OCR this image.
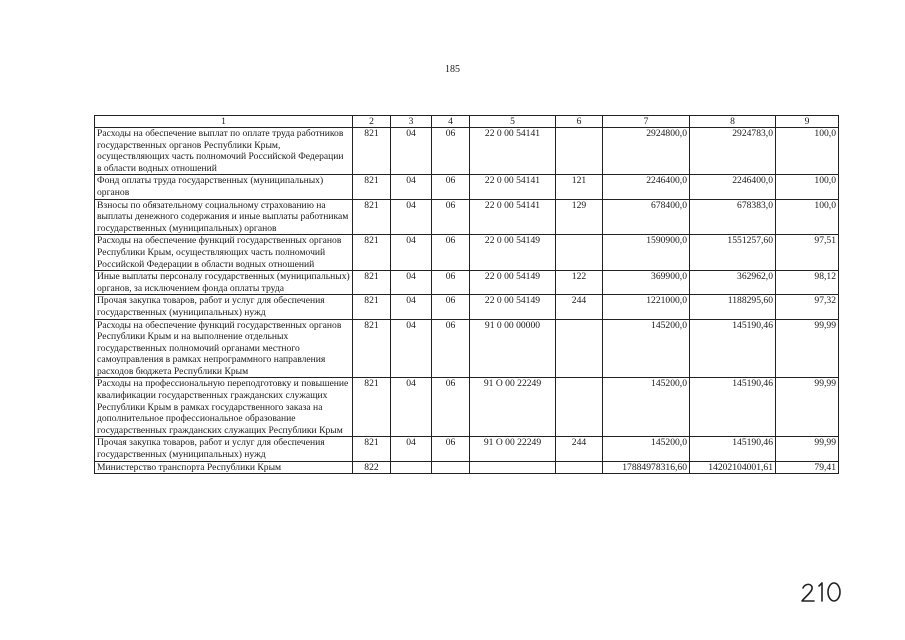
185
1	2	3	4	5	6	7	8	9
Расходы на обеспечение выплат по оплате труда работников государственных органов Республики Крым, осуществляющих часть полномочий Российской Федерации в области водных отношений	821	04	06	22 0 00 54141		2924800,0	2924783,0	100,0
Фонд оплаты труда государственных (муниципальных) органов	821	04	06	22 0 00 54141	121	2246400,0	2246400,0	100,0
Взносы по обязательному социальному страхованию на выплаты денежного содержания и иные выплаты работникам государственных (муниципальных) органов	821	04	06	22 0 00 54141	129	678400,0	678383,0	100,0
Расходы на обеспечение функций государственных органов Республики Крым, осуществляющих часть полномочий Российской Федерации в области водных отношений	821	04	06	22 0 00 54149		1590900,0	1551257,60	97,51
Иные выплаты персоналу государственных (муниципальных) органов, за исключением фонда оплаты труда	821	04	06	22 0 00 54149	122	369900,0	362962,0	98,12
Прочая закупка товаров, работ и услуг для обеспечения государственных (муниципальных) нужд	821	04	06	22 0 00 54149	244	1221000,0	1188295,60	97,32
Расходы на обеспечение функций государственных органов Республики Крым и на выполнение отдельных государственных полномочий органами местного самоуправления в рамках непрограммного направления расходов бюджета Республики Крым	821	04	06	91 0 00 00000		145200,0	145190,46	99,99
Расходы на профессиональную переподготовку и повышение квалификации государственных гражданских служащих Республики Крым в рамках государственного заказа на дополнительное профессиональное образование государственных гражданских служащих Республики Крым	821	04	06	91 О 00 22249		145200,0	145190,46	99,99
Прочая закупка товаров, работ и услуг для обеспечения государственных (муниципальных) нужд	821	04	06	91 О 00 22249	244	145200,0	145190,46	99,99
Министерство транспорта Республики Крым	822					17884978316,60	14202104001,61	79,41
